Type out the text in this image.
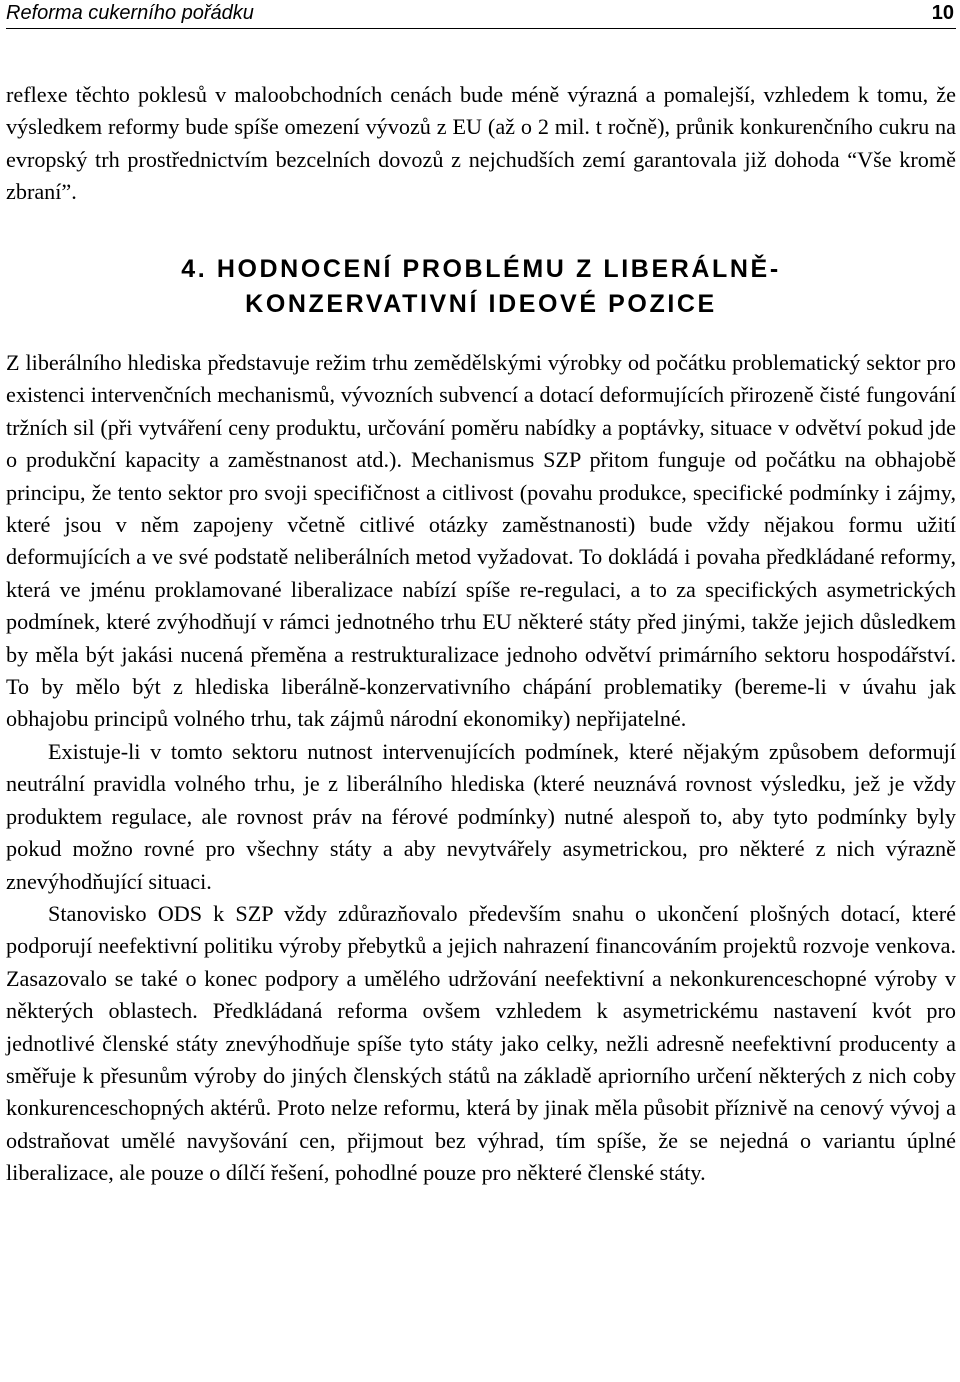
Reforma cukerního pořádku	10

reflexe těchto poklesů v maloobchodních cenách bude méně výrazná a pomalejší, vzhledem k tomu, že výsledkem reformy bude spíše omezení vývozů z EU (až o 2 mil. t ročně), průnik konkurenčního cukru na evropský trh prostřednictvím bezcelních dovozů z nejchudších zemí garantovala již dohoda “Vše kromě zbraní”.

4. HODNOCENÍ PROBLÉMU Z LIBERÁLNĚ-
KONZERVATIVNÍ IDEOVÉ POZICE

Z liberálního hlediska představuje režim trhu zemědělskými výrobky od počátku problematický sektor pro existenci intervenčních mechanismů, vývozních subvencí a dotací deformujících přirozeně čisté fungování tržních sil (při vytváření ceny produktu, určování poměru nabídky a poptávky, situace v odvětví pokud jde o produkční kapacity a zaměstnanost atd.). Mechanismus SZP přitom funguje od počátku na obhajobě principu, že tento sektor pro svoji specifičnost a citlivost (povahu produkce, specifické podmínky i zájmy, které jsou v něm zapojeny včetně citlivé otázky zaměstnanosti) bude vždy nějakou formu užití deformujících a ve své podstatě neliberálních metod vyžadovat. To dokládá i povaha předkládané reformy, která ve jménu proklamované liberalizace nabízí spíše re-regulaci, a to za specifických asymetrických podmínek, které zvýhodňují v rámci jednotného trhu EU některé státy před jinými, takže jejich důsledkem by měla být jakási nucená přeměna a restrukturalizace jednoho odvětví primárního sektoru hospodářství. To by mělo být z hlediska liberálně-konzervativního chápání problematiky (bereme-li v úvahu jak obhajobu principů volného trhu, tak zájmů národní ekonomiky) nepřijatelné.

Existuje-li v tomto sektoru nutnost intervenujících podmínek, které nějakým způsobem deformují neutrální pravidla volného trhu, je z liberálního hlediska (které neuznává rovnost výsledku, jež je vždy produktem regulace, ale rovnost práv na férové podmínky) nutné alespoň to, aby tyto podmínky byly pokud možno rovné pro všechny státy a aby nevytvářely asymetrickou, pro některé z nich výrazně znevýhodňující situaci.

Stanovisko ODS k SZP vždy zdůrazňovalo především snahu o ukončení plošných dotací, které podporují neefektivní politiku výroby přebytků a jejich nahrazení financováním projektů rozvoje venkova. Zasazovalo se také o konec podpory a umělého udržování neefektivní a nekonkurenceschopné výroby v některých oblastech. Předkládaná reforma ovšem vzhledem k asymetrickému nastavení kvót pro jednotlivé členské státy znevýhodňuje spíše tyto státy jako celky, nežli adresně neefektivní producenty a směřuje k přesunům výroby do jiných členských států na základě apriorního určení některých z nich coby konkurenceschopných aktérů. Proto nelze reformu, která by jinak měla působit příznivě na cenový vývoj a odstraňovat umělé navyšování cen, přijmout bez výhrad, tím spíše, že se nejedná o variantu úplné liberalizace, ale pouze o dílčí řešení, pohodlné pouze pro některé členské státy.
